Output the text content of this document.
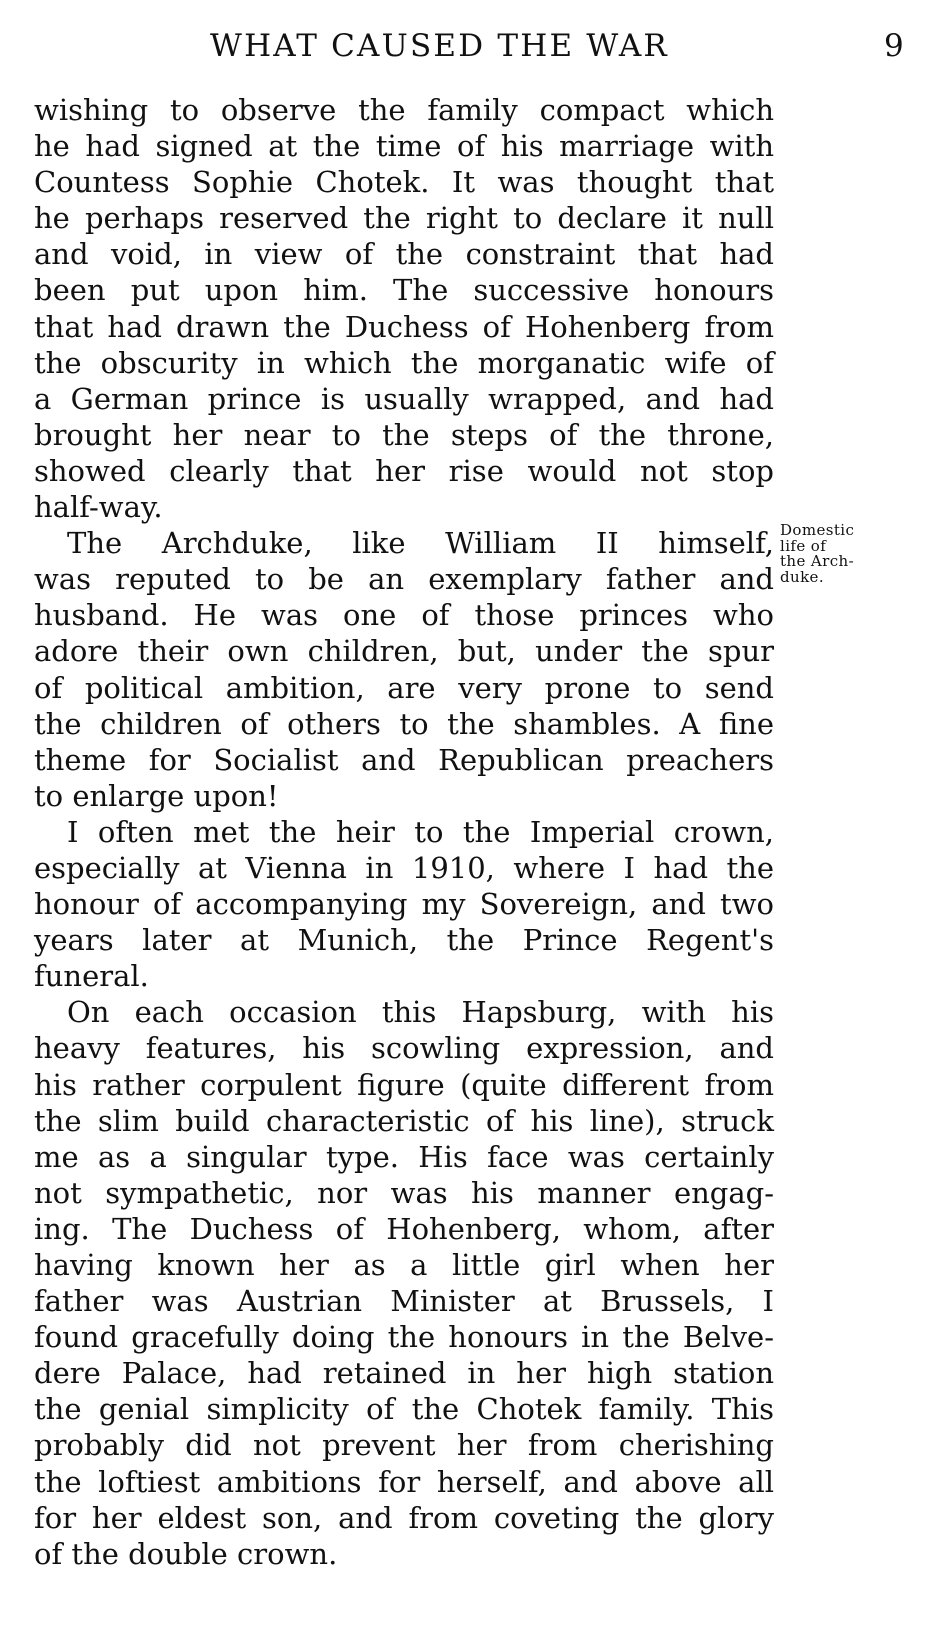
WHAT CAUSED THE WAR	9
wishing to observe the family compact which
he had signed at the time of his marriage with
Countess Sophie Chotek. It was thought that
he perhaps reserved the right to declare it null
and void, in view of the constraint that had
been put upon him. The successive honours
that had drawn the Duchess of Hohenberg from
the obscurity in which the morganatic wife of
a German prince is usually wrapped, and had
brought her near to the steps of the throne,
showed clearly that her rise would not stop
half-way.
The Archduke, like William II himself,
was reputed to be an exemplary father and
husband. He was one of those princes who
adore their own children, but, under the spur
of political ambition, are very prone to send
the children of others to the shambles. A fine
theme for Socialist and Republican preachers
to enlarge upon!
I often met the heir to the Imperial crown,
especially at Vienna in 1910, where I had the
honour of accompanying my Sovereign, and two
years later at Munich, the Prince Regent's
funeral.
On each occasion this Hapsburg, with his
heavy features, his scowling expression, and
his rather corpulent figure (quite different from
the slim build characteristic of his line), struck
me as a singular type. His face was certainly
not sympathetic, nor was his manner engag-
ing. The Duchess of Hohenberg, whom, after
having known her as a little girl when her
father was Austrian Minister at Brussels, I
found gracefully doing the honours in the Belve-
dere Palace, had retained in her high station
the genial simplicity of the Chotek family. This
probably did not prevent her from cherishing
the loftiest ambitions for herself, and above all
for her eldest son, and from coveting the glory
of the double crown.
Domestic
life of
the Arch-
duke.
